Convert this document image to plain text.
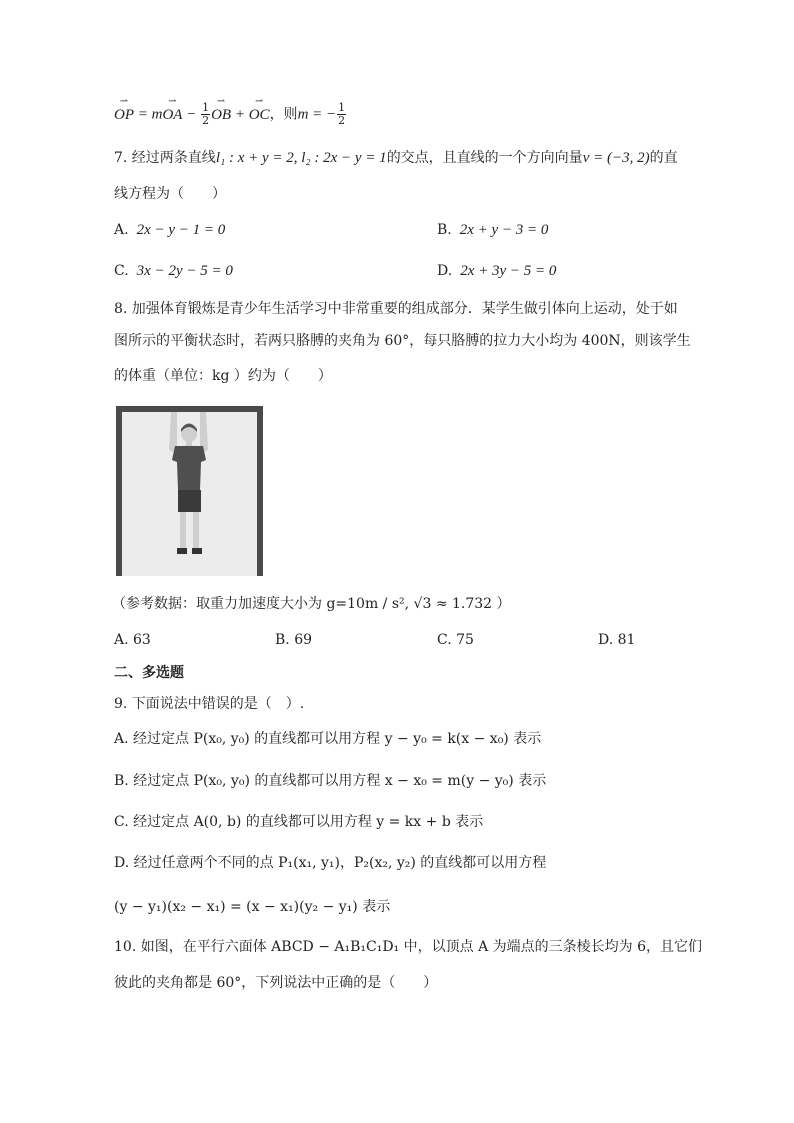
⇀ OP = m⇀ OA − $\frac{1}{2}$
⇀ OB + ⇀ OC，则m = − $\frac{1}{2}$
7. 经过两条直线l₁ : x + y = 2, l₂ : 2x − y = 1的交点，且直线的一个方向向量v = (−3, 2)的直
线方程为（　　）
A. 2x − y − 1 = 0	B. 2x + y − 3 = 0
C. 3x − 2y − 5 = 0	D. 2x + 3y − 5 = 0
8. 加强体育锻炼是青少年生活学习中非常重要的组成部分．某学生做引体向上运动，处于如
图所示的平衡状态时，若两只胳膊的夹角为 60°，每只胳膊的拉力大小均为 400N，则该学生
的体重（单位：kg ）约为（　　）
（参考数据：取重力加速度大小为 g=10m / s², √3 ≈ 1.732 ）
A. 63	B. 69	C. 75	D. 81
二、多选题
9. 下面说法中错误的是（　）.
A. 经过定点 P(x₀, y₀) 的直线都可以用方程 y − y₀ = k(x − x₀) 表示
B. 经过定点 P(x₀, y₀) 的直线都可以用方程 x − x₀ = m(y − y₀) 表示
C. 经过定点 A(0, b) 的直线都可以用方程 y = kx + b 表示
D. 经过任意两个不同的点 P₁(x₁, y₁)，P₂(x₂, y₂) 的直线都可以用方程
(y − y₁)(x₂ − x₁) = (x − x₁)(y₂ − y₁) 表示
10. 如图，在平行六面体 ABCD − A₁B₁C₁D₁ 中，以顶点 A 为端点的三条棱长均为 6，且它们
彼此的夹角都是 60°，下列说法中正确的是（　　）
